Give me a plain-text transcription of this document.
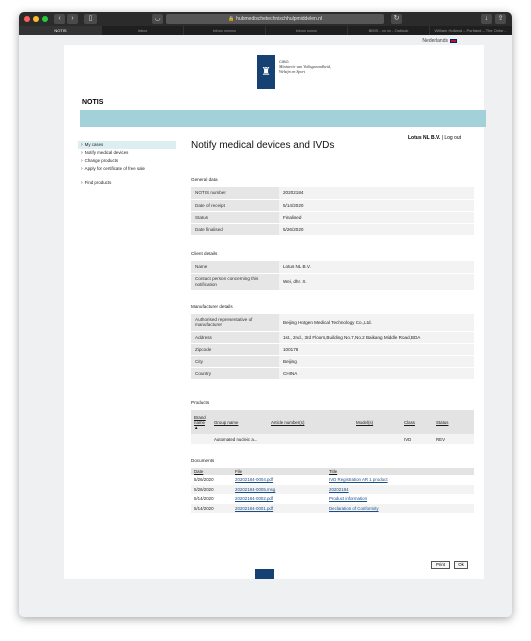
‹	›	▯	◡	🔒 hubmedischetechnischhulpmiddelen.nl	↻	↓	⇪
NOTIS	Inbox	Inbox xxxxxx	Inbox xxxxx	BIMS - xx xx - Outlook	William Holland – Portland – The Oxfor…
Nederlands
♜
CIBG
Ministerie van Volksgezondheid,
Welzijn en Sport
NOTIS
Lotus NL B.V. | Log out
› My cases
› Notify medical devices
› Change products
› Apply for certificate of free sale
› Find products
Notify medical devices and IVDs
General data
NOTIS number	20202184
Date of receipt	5/14/2020
Status	Finalised
Date finalised	5/26/2020
Client details
Name	Lotus NL B.V.
Contact person concerning this notification	Wei, dhr. X.
Manufacturer details
Authorised representative of manufacturer	Beijing Hotgen Medical Technology Co.,Ltd.
Address	1st., 2nd., 3rd Floors,Building No.7,No.2 Baikang Middle Road,BDA
Zipcode	100176
City	Beijing
Country	CHINA
Products
Brand name
▲	Group name	Article number(s)	Model(s)	Class	Status
	Automated nucleic a...			IVD	REV
Documents
Date	File	Title
5/26/2020	20202184-0004.pdf	IVD Registration AR 1 product
5/26/2020	20202184-0005.msg	20202184
5/14/2020	20202184-0002.pdf	Product information
5/14/2020	20202184-0001.pdf	Declaration of Conformity
Print	Ok
